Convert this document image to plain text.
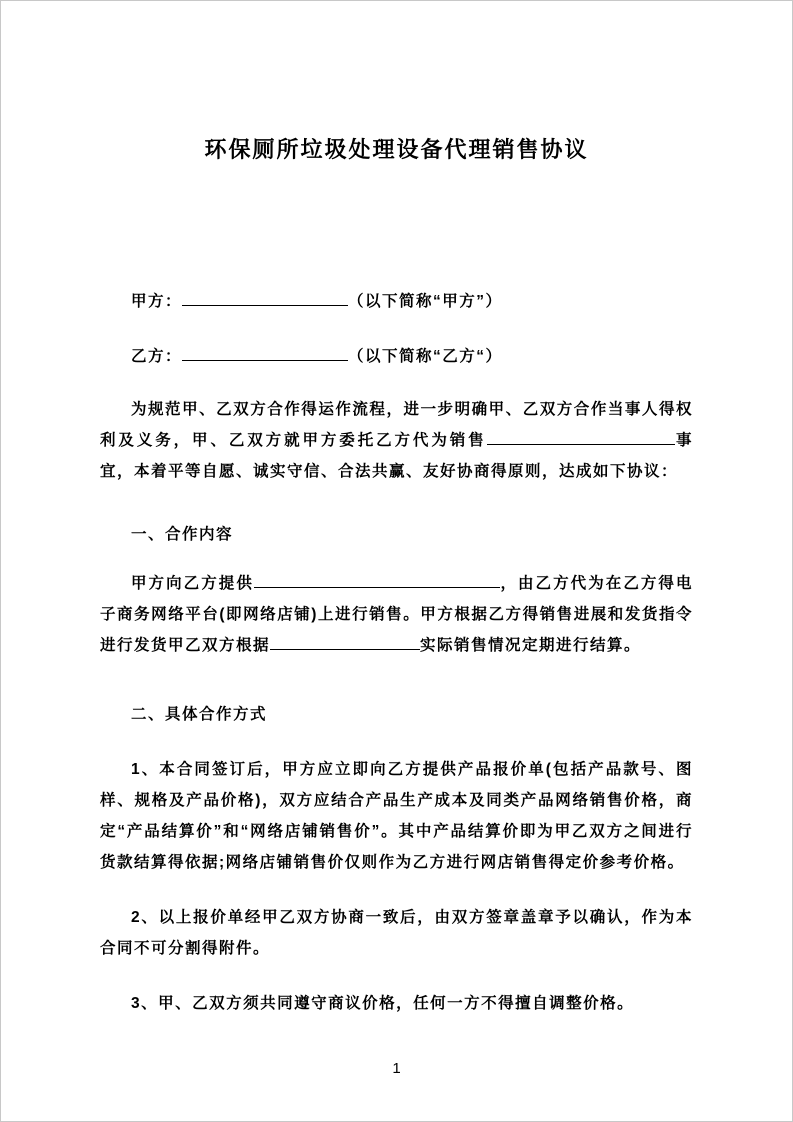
环保厕所垃圾处理设备代理销售协议
甲方：	（以下简称“甲方”）
乙方：	（以下简称“乙方“）

为规范甲、乙双方合作得运作流程，进一步明确甲、乙双方合作当事人得权利及义务，甲、乙双方就甲方委托乙方代为销售	事宜，本着平等自愿、诚实守信、合法共赢、友好协商得原则，达成如下协议：

一、合作内容

甲方向乙方提供	，由乙方代为在乙方得电子商务网络平台(即网络店铺)上进行销售。甲方根据乙方得销售进展和发货指令进行发货甲乙双方根据	实际销售情况定期进行结算。

二、具体合作方式

1、本合同签订后，甲方应立即向乙方提供产品报价单(包括产品款号、图样、规格及产品价格)，双方应结合产品生产成本及同类产品网络销售价格，商定“产品结算价”和“网络店铺销售价”。其中产品结算价即为甲乙双方之间进行货款结算得依据;网络店铺销售价仅则作为乙方进行网店销售得定价参考价格。

2、以上报价单经甲乙双方协商一致后，由双方签章盖章予以确认，作为本合同不可分割得附件。

3、甲、乙双方须共同遵守商议价格，任何一方不得擅自调整价格。

1
